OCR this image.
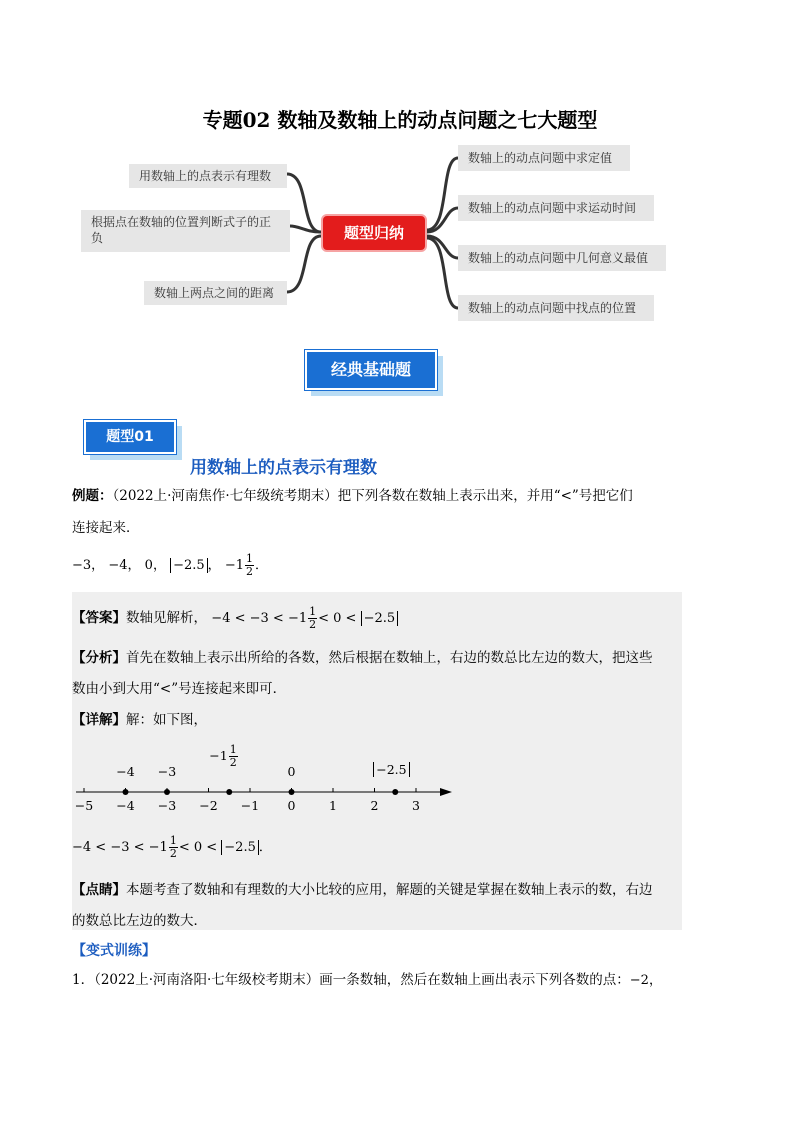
专题02 数轴及数轴上的动点问题之七大题型
用数轴上的点表示有理数
根据点在数轴的位置判断式子的正负
数轴上两点之间的距离
题型归纳
数轴上的动点问题中求定值
数轴上的动点问题中求运动时间
数轴上的动点问题中几何意义最值
数轴上的动点问题中找点的位置
经典基础题
题型01
用数轴上的点表示有理数
例题：（2022上·河南焦作·七年级统考期末）把下列各数在数轴上表示出来，并用“<”号把它们
连接起来．
−3， −4， 0， −2.5 ， $-1 \frac{1}{2}$ ．
【答案】数轴见解析， $-4 < -3 < -1 \frac{1}{2} < 0 < -2.5$
【分析】首先在数轴上表示出所给的各数，然后根据在数轴上，右边的数总比左边的数大，把这些
数由小到大用“<”号连接起来即可．
【详解】解：如下图，
−5 −4 −3 −2 −1	0	1	2	3
−4 −3
$-1 \frac{1}{2}$
0	−2.5
$-4 < -3 < -1 \frac{1}{2} < 0 < -2.5$ ．
【点睛】本题考查了数轴和有理数的大小比较的应用，解题的关键是掌握在数轴上表示的数，右边
的数总比左边的数大．
【变式训练】
1．（2022上·河南洛阳·七年级校考期末）画一条数轴，然后在数轴上画出表示下列各数的点：−2，
